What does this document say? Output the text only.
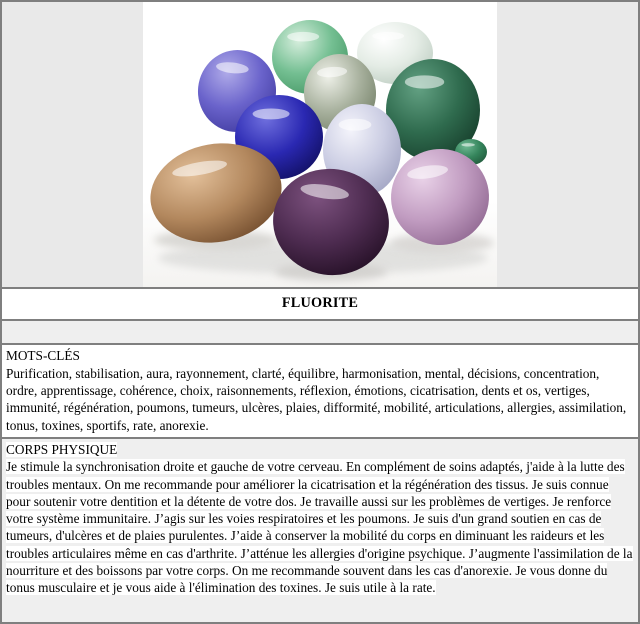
FLUORITE

MOTS-CLÉS
Purification, stabilisation, aura, rayonnement, clarté, équilibre, harmonisation, mental, décisions, concentration, ordre, apprentissage, cohérence, choix, raisonnements, réflexion, émotions, cicatrisation, dents et os, vertiges, immunité, régénération, poumons, tumeurs, ulcères, plaies, difformité, mobilité, articulations, allergies, assimilation, tonus, toxines, sportifs, rate, anorexie.

CORPS PHYSIQUE
Je stimule la synchronisation droite et gauche de votre cerveau. En complément de soins adaptés, j'aide à la lutte des troubles mentaux. On me recommande pour améliorer la cicatrisation et la régénération des tissus. Je suis connue pour soutenir votre dentition et la détente de votre dos. Je travaille aussi sur les problèmes de vertiges. Je renforce votre système immunitaire. J’agis sur les voies respiratoires et les poumons. Je suis d'un grand soutien en cas de tumeurs, d'ulcères et de plaies purulentes. J’aide à conserver la mobilité du corps en diminuant les raideurs et les troubles articulaires même en cas d'arthrite. J’atténue les allergies d'origine psychique. J’augmente l'assimilation de la nourriture et des boissons par votre corps. On me recommande souvent dans les cas d'anorexie. Je vous donne du tonus musculaire et je vous aide à l'élimination des toxines. Je suis utile à la rate.
